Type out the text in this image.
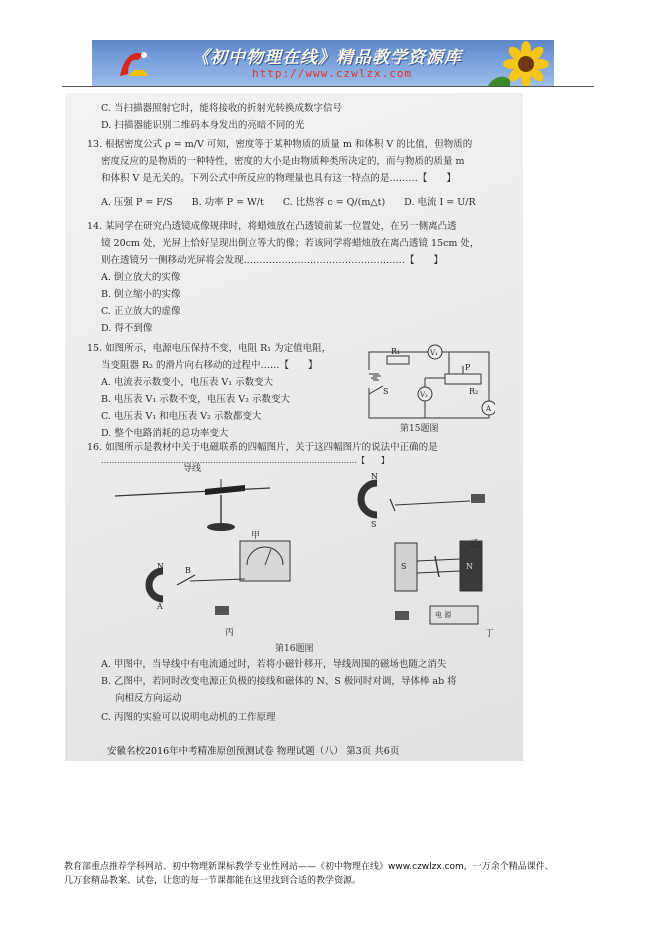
《初中物理在线》精品教学资源库
http://www.czwlzx.com
C. 当扫描器照射它时，能将接收的折射光转换成数字信号
D. 扫描器能识别二维码本身发出的亮暗不同的光
13. 根据密度公式 ρ = m/V 可知，密度等于某种物质的质量 m 和体积 V 的比值，但物质的
密度反应的是物质的一种特性，密度的大小是由物质种类所决定的，而与物质的质量 m
和体积 V 是无关的。下列公式中所反应的物理量也具有这一特点的是………【　　】
A. 压强 P = F/S　　B. 功率 P = W/t　　C. 比热容 c = Q/(m△t)　　D. 电流 I = U/R
14. 某同学在研究凸透镜成像规律时，将蜡烛放在凸透镜前某一位置处，在另一侧离凸透
镜 20cm 处，光屏上恰好呈现出倒立等大的像；若该同学将蜡烛放在离凸透镜 15cm 处，
则在透镜另一侧移动光屏将会发现……………………………………………【　　】
A. 倒立放大的实像
B. 倒立缩小的实像
C. 正立放大的虚像
D. 得不到像
15. 如图所示，电源电压保持不变，电阻 R₁ 为定值电阻，
当变阻器 R₂ 的滑片向右移动的过程中……【　　】
A. 电流表示数变小，电压表 V₁ 示数变大
B. 电压表 V₁ 示数不变，电压表 V₂ 示数变大
C. 电压表 V₁ 和电压表 V₂ 示数都变大
D. 整个电路消耗的总功率变大
16. 如图所示是教材中关于电磁联系的四幅图片，关于这四幅图片的说法中正确的是
……………………………………………………………………………………【　　】
R₁	V₁
P
R₂
V₂
A
S
第15题图
N
S
N	B
A
S	N
导线
甲
乙
丙	丁
电 源
第16题图
A. 甲图中，当导线中有电流通过时，若将小磁针移开，导线周围的磁场也随之消失
B. 乙图中，若同时改变电源正负极的接线和磁体的 N、S 极同时对调，导体棒 ab 将
向相反方向运动
C. 丙图的实验可以说明电动机的工作原理
安徽名校2016年中考精准原创预测试卷 物理试题（八） 第3页 共6页
教育部重点推荐学科网站、初中物理新课标教学专业性网站——《初中物理在线》www.czwlzx.com，一万余个精品课件、
几万套精品教案、试卷，让您的每一节课都能在这里找到合适的教学资源。
